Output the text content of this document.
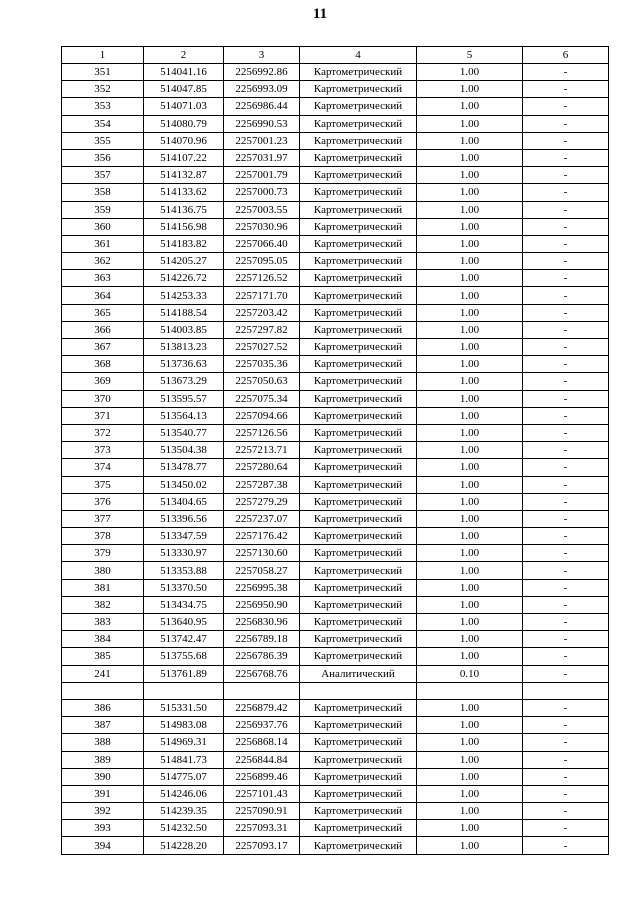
11
1	2	3	4	5	6
351	514041.16	2256992.86	Картометрический	1.00	-
352	514047.85	2256993.09	Картометрический	1.00	-
353	514071.03	2256986.44	Картометрический	1.00	-
354	514080.79	2256990.53	Картометрический	1.00	-
355	514070.96	2257001.23	Картометрический	1.00	-
356	514107.22	2257031.97	Картометрический	1.00	-
357	514132.87	2257001.79	Картометрический	1.00	-
358	514133.62	2257000.73	Картометрический	1.00	-
359	514136.75	2257003.55	Картометрический	1.00	-
360	514156.98	2257030.96	Картометрический	1.00	-
361	514183.82	2257066.40	Картометрический	1.00	-
362	514205.27	2257095.05	Картометрический	1.00	-
363	514226.72	2257126.52	Картометрический	1.00	-
364	514253.33	2257171.70	Картометрический	1.00	-
365	514188.54	2257203.42	Картометрический	1.00	-
366	514003.85	2257297.82	Картометрический	1.00	-
367	513813.23	2257027.52	Картометрический	1.00	-
368	513736.63	2257035.36	Картометрический	1.00	-
369	513673.29	2257050.63	Картометрический	1.00	-
370	513595.57	2257075.34	Картометрический	1.00	-
371	513564.13	2257094.66	Картометрический	1.00	-
372	513540.77	2257126.56	Картометрический	1.00	-
373	513504.38	2257213.71	Картометрический	1.00	-
374	513478.77	2257280.64	Картометрический	1.00	-
375	513450.02	2257287.38	Картометрический	1.00	-
376	513404.65	2257279.29	Картометрический	1.00	-
377	513396.56	2257237.07	Картометрический	1.00	-
378	513347.59	2257176.42	Картометрический	1.00	-
379	513330.97	2257130.60	Картометрический	1.00	-
380	513353.88	2257058.27	Картометрический	1.00	-
381	513370.50	2256995.38	Картометрический	1.00	-
382	513434.75	2256950.90	Картометрический	1.00	-
383	513640.95	2256830.96	Картометрический	1.00	-
384	513742.47	2256789.18	Картометрический	1.00	-
385	513755.68	2256786.39	Картометрический	1.00	-
241	513761.89	2256768.76	Аналитический	0.10	-

386	515331.50	2256879.42	Картометрический	1.00	-
387	514983.08	2256937.76	Картометрический	1.00	-
388	514969.31	2256868.14	Картометрический	1.00	-
389	514841.73	2256844.84	Картометрический	1.00	-
390	514775.07	2256899.46	Картометрический	1.00	-
391	514246.06	2257101.43	Картометрический	1.00	-
392	514239.35	2257090.91	Картометрический	1.00	-
393	514232.50	2257093.31	Картометрический	1.00	-
394	514228.20	2257093.17	Картометрический	1.00	-
